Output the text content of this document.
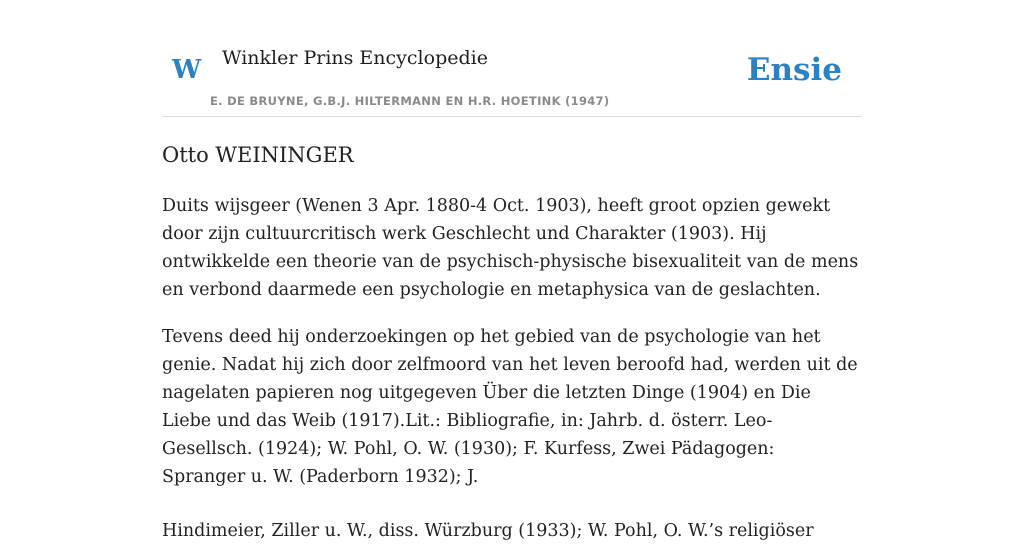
W Winkler Prins Encyclopedie
E. DE BRUYNE, G.B.J. HILTERMANN EN H.R. HOETINK (1947)
Ensie
Otto WEININGER

Duits wijsgeer (Wenen 3 Apr. 1880-4 Oct. 1903), heeft groot opzien gewekt door zijn cultuurcritisch werk Geschlecht und Charakter (1903). Hij ontwikkelde een theorie van de psychisch-physische bisexualiteit van de mens en verbond daarmede een psychologie en metaphysica van de geslachten.

Tevens deed hij onderzoekingen op het gebied van de psychologie van het genie. Nadat hij zich door zelfmoord van het leven beroofd had, werden uit de nagelaten papieren nog uitgegeven Über die letzten Dinge (1904) en Die Liebe und das Weib (1917).Lit.: Bibliografie, in: Jahrb. d. österr. Leo-Gesellsch. (1924); W. Pohl, O. W. (1930); F. Kurfess, Zwei Pädagogen: Spranger u. W. (Paderborn 1932); J.

Hindimeier, Ziller u. W., diss. Würzburg (1933); W. Pohl, O. W.’s religiöser
